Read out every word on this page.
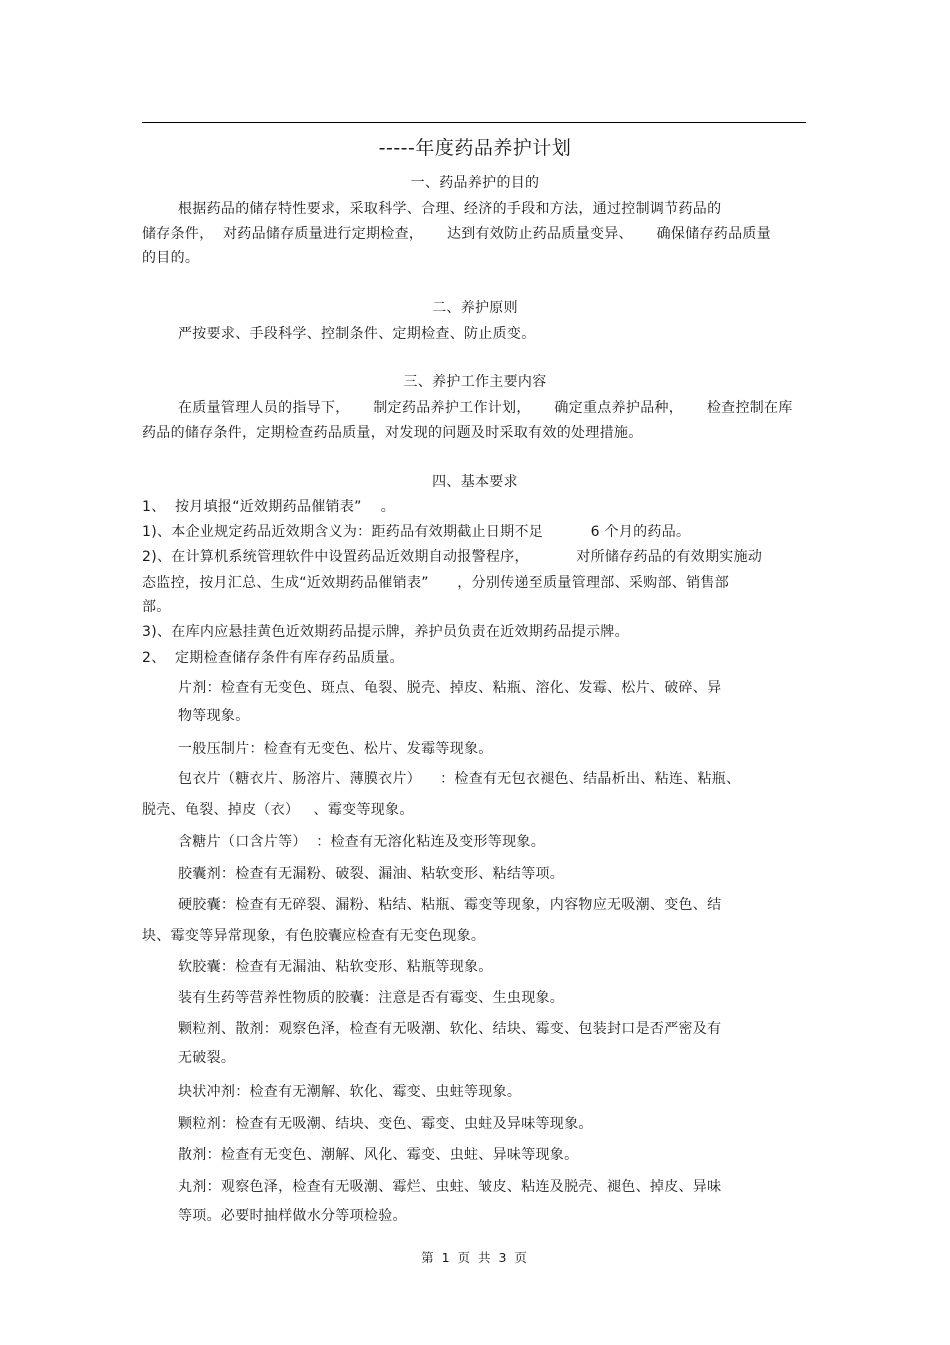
-----年度药品养护计划
一、药品养护的目的
根据药品的储存特性要求，采取科学、合理、经济的手段和方法，通过控制调节药品的
储存条件，  对药品储存质量进行定期检查，     达到有效防止药品质量变异、     确保储存药品质量
的目的。
二、养护原则
严按要求、手段科学、控制条件、定期检查、防止质变。
三、养护工作主要内容
在质量管理人员的指导下，     制定药品养护工作计划，     确定重点养护品种，     检查控制在库
药品的储存条件，定期检查药品质量，对发现的问题及时采取有效的处理措施。
四、基本要求
1、  按月填报“近效期药品催销表”    。
1)、本企业规定药品近效期含义为：距药品有效期截止日期不足          6 个月的药品。
2)、在计算机系统管理软件中设置药品近效期自动报警程序，          对所储存药品的有效期实施动
态监控，按月汇总、生成“近效期药品催销表”      ，分别传递至质量管理部、采购部、销售部
部。
3)、在库内应悬挂黄色近效期药品提示牌，养护员负责在近效期药品提示牌。
2、  定期检查储存条件有库存药品质量。
片剂：检查有无变色、斑点、龟裂、脱壳、掉皮、粘瓶、溶化、发霉、松片、破碎、异
物等现象。
一般压制片：检查有无变色、松片、发霉等现象。
包衣片（糖衣片、肠溶片、薄膜衣片）    ：检查有无包衣褪色、结晶析出、粘连、粘瓶、
脱壳、龟裂、掉皮（衣）   、霉变等现象。
含糖片（口含片等）  ：检查有无溶化粘连及变形等现象。
胶囊剂：检查有无漏粉、破裂、漏油、粘软变形、粘结等项。
硬胶囊：检查有无碎裂、漏粉、粘结、粘瓶、霉变等现象，内容物应无吸潮、变色、结
块、霉变等异常现象，有色胶囊应检查有无变色现象。
软胶囊：检查有无漏油、粘软变形、粘瓶等现象。
装有生药等营养性物质的胶囊：注意是否有霉变、生虫现象。
颗粒剂、散剂：观察色泽，检查有无吸潮、软化、结块、霉变、包装封口是否严密及有
无破裂。
块状冲剂：检查有无潮解、软化、霉变、虫蛀等现象。
颗粒剂：检查有无吸潮、结块、变色、霉变、虫蛀及异味等现象。
散剂：检查有无变色、潮解、风化、霉变、虫蛀、异味等现象。
丸剂：观察色泽，检查有无吸潮、霉烂、虫蛀、皱皮、粘连及脱壳、褪色、掉皮、异味
等项。必要时抽样做水分等项检验。
第 1 页 共 3 页
